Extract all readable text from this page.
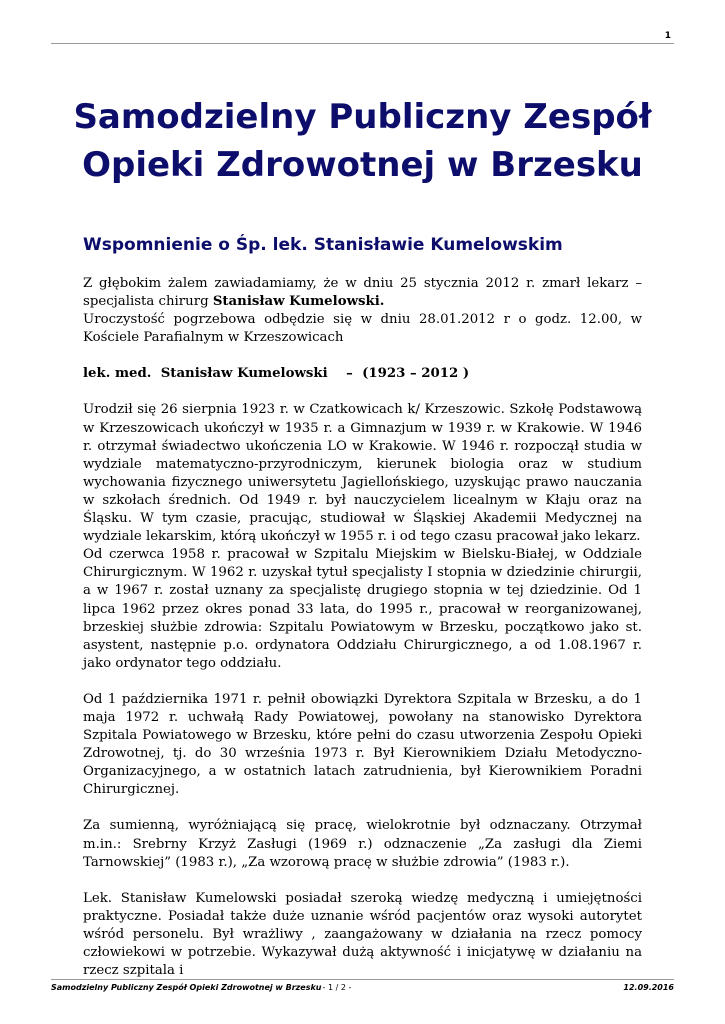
1
Samodzielny Publiczny Zespół
Opieki Zdrowotnej w Brzesku
Wspomnienie o Śp. lek. Stanisławie Kumelowskim

Z głębokim żalem zawiadamiamy, że w dniu 25 stycznia 2012 r. zmarł lekarz – specjalista chirurg Stanisław Kumelowski.

Uroczystość pogrzebowa odbędzie się w dniu 28.01.2012 r o godz. 12.00, w Kościele Parafialnym w Krzeszowicach

lek. med.  Stanisław Kumelowski    –  (1923 – 2012 )

Urodził się 26 sierpnia 1923 r. w Czatkowicach k/ Krzeszowic. Szkołę Podstawową w Krzeszowicach ukończył w 1935 r. a Gimnazjum w 1939 r. w Krakowie. W 1946 r. otrzymał świadectwo ukończenia LO w Krakowie. W 1946 r. rozpoczął studia w wydziale matematyczno-przyrodniczym, kierunek biologia oraz w studium wychowania fizycznego uniwersytetu Jagiellońskiego, uzyskując prawo nauczania w szkołach średnich. Od 1949 r. był nauczycielem licealnym w Kłaju oraz na Śląsku. W tym czasie, pracując, studiował w Śląskiej Akademii Medycznej na wydziale lekarskim, którą ukończył w 1955 r. i od tego czasu pracował jako lekarz.

Od czerwca 1958 r. pracował w Szpitalu Miejskim w Bielsku-Białej, w Oddziale Chirurgicznym. W 1962 r. uzyskał tytuł specjalisty I stopnia w dziedzinie chirurgii, a w 1967 r. został uznany za specjalistę drugiego stopnia w tej dziedzinie. Od 1 lipca 1962 przez okres ponad 33 lata, do 1995 r., pracował w reorganizowanej, brzeskiej służbie zdrowia: Szpitalu Powiatowym w Brzesku, początkowo jako st. asystent, następnie p.o. ordynatora Oddziału Chirurgicznego, a od 1.08.1967 r. jako ordynator tego oddziału.

Od 1 października 1971 r. pełnił obowiązki Dyrektora Szpitala w Brzesku, a do 1 maja 1972 r. uchwałą Rady Powiatowej, powołany na stanowisko Dyrektora Szpitala Powiatowego w Brzesku, które pełni do czasu utworzenia Zespołu Opieki Zdrowotnej, tj. do 30 września 1973 r. Był Kierownikiem Działu Metodyczno-Organizacyjnego, a w ostatnich latach zatrudnienia, był Kierownikiem Poradni Chirurgicznej.

Za sumienną, wyróżniającą się pracę, wielokrotnie był odznaczany. Otrzymał m.in.: Srebrny Krzyż Zasługi (1969 r.) odznaczenie „Za zasługi dla Ziemi Tarnowskiej” (1983 r.), „Za wzorową pracę w służbie zdrowia” (1983 r.).

Lek. Stanisław Kumelowski posiadał szeroką wiedzę medyczną i umiejętności praktyczne. Posiadał także duże uznanie wśród pacjentów oraz wysoki autorytet wśród personelu. Był wrażliwy , zaangażowany w działania na rzecz pomocy człowiekowi w potrzebie. Wykazywał dużą aktywność i inicjatywę w działaniu na rzecz szpitala i

Samodzielny Publiczny Zespół Opieki Zdrowotnej w Brzesku- 1 / 2 -	12.09.2016
